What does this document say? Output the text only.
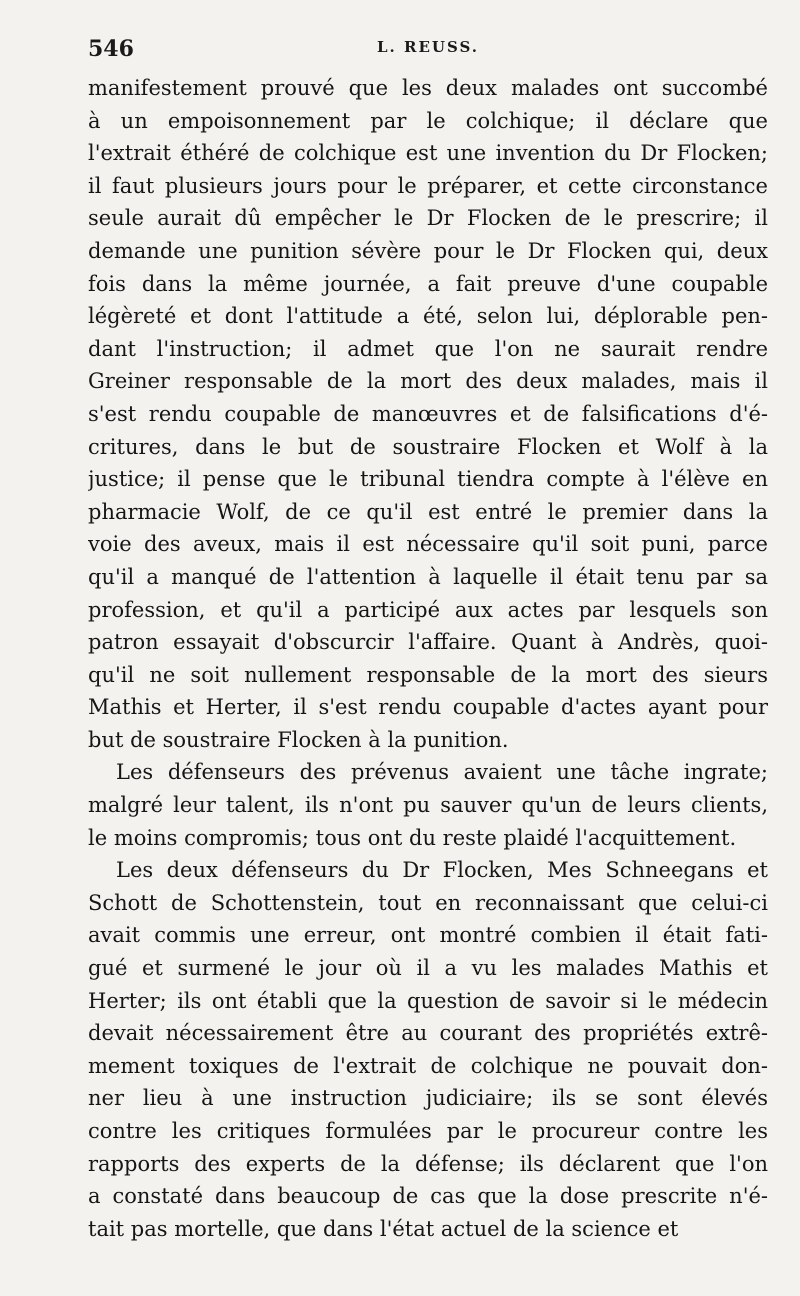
546	L. REUSS.
manifestement prouvé que les deux malades ont succombé
à un empoisonnement par le colchique; il déclare que
l'extrait éthéré de colchique est une invention du Dr Flocken;
il faut plusieurs jours pour le préparer, et cette circonstance
seule aurait dû empêcher le Dr Flocken de le prescrire; il
demande une punition sévère pour le Dr Flocken qui, deux
fois dans la même journée, a fait preuve d'une coupable
légèreté et dont l'attitude a été, selon lui, déplorable pen-
dant l'instruction; il admet que l'on ne saurait rendre
Greiner responsable de la mort des deux malades, mais il
s'est rendu coupable de manœuvres et de falsifications d'é-
critures, dans le but de soustraire Flocken et Wolf à la
justice; il pense que le tribunal tiendra compte à l'élève en
pharmacie Wolf, de ce qu'il est entré le premier dans la
voie des aveux, mais il est nécessaire qu'il soit puni, parce
qu'il a manqué de l'attention à laquelle il était tenu par sa
profession, et qu'il a participé aux actes par lesquels son
patron essayait d'obscurcir l'affaire. Quant à Andrès, quoi-
qu'il ne soit nullement responsable de la mort des sieurs
Mathis et Herter, il s'est rendu coupable d'actes ayant pour
but de soustraire Flocken à la punition.
Les défenseurs des prévenus avaient une tâche ingrate;
malgré leur talent, ils n'ont pu sauver qu'un de leurs clients,
le moins compromis; tous ont du reste plaidé l'acquittement.
Les deux défenseurs du Dr Flocken, Mes Schneegans et
Schott de Schottenstein, tout en reconnaissant que celui-ci
avait commis une erreur, ont montré combien il était fati-
gué et surmené le jour où il a vu les malades Mathis et
Herter; ils ont établi que la question de savoir si le médecin
devait nécessairement être au courant des propriétés extrê-
mement toxiques de l'extrait de colchique ne pouvait don-
ner lieu à une instruction judiciaire; ils se sont élevés
contre les critiques formulées par le procureur contre les
rapports des experts de la défense; ils déclarent que l'on
a constaté dans beaucoup de cas que la dose prescrite n'é-
tait pas mortelle, que dans l'état actuel de la science et
